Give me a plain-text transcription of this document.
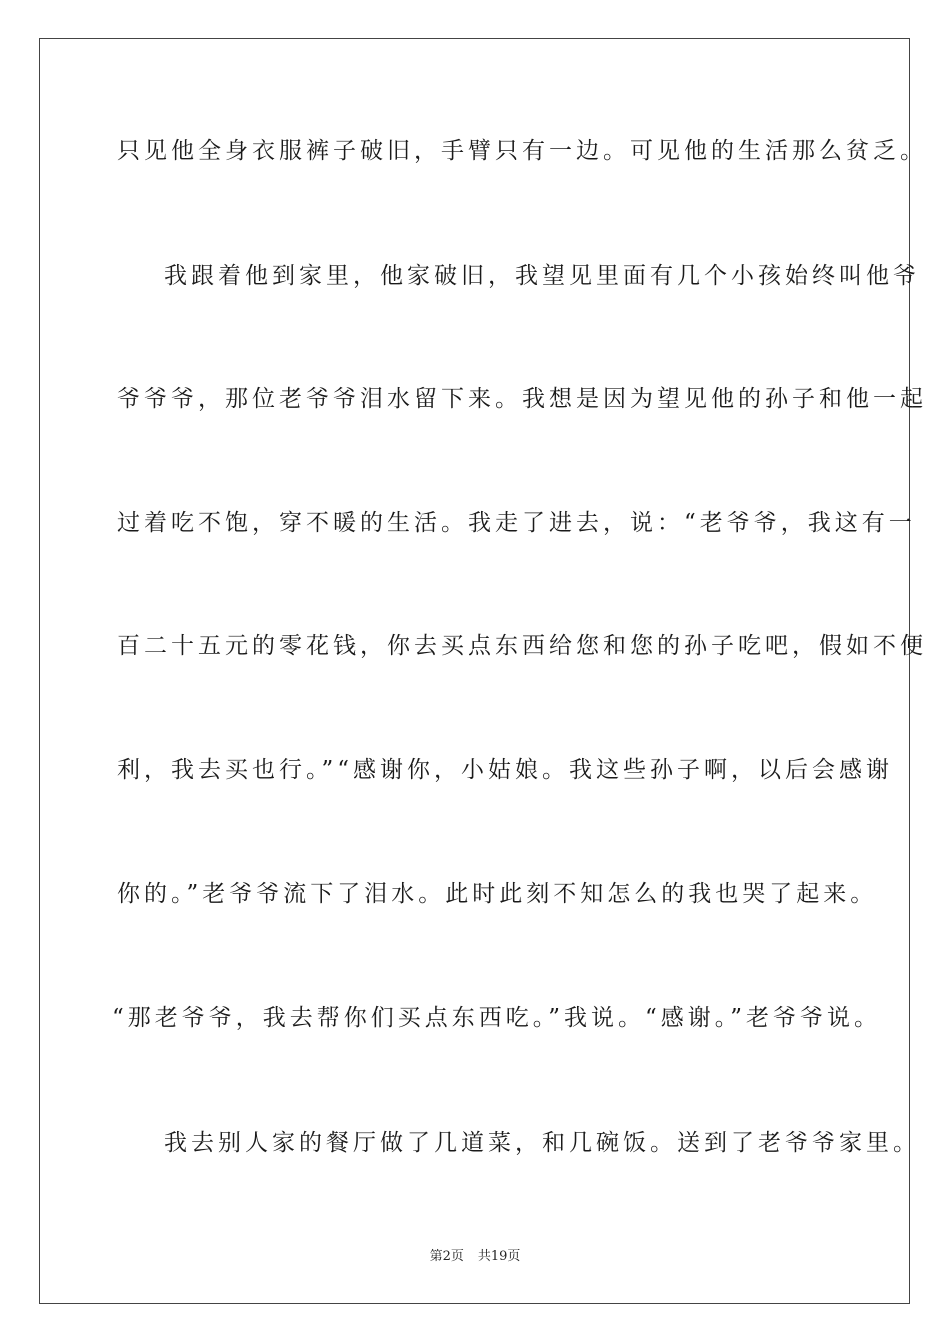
只见他全身衣服裤子破旧，手臂只有一边。可见他的生活那么贫乏。
我跟着他到家里，他家破旧，我望见里面有几个小孩始终叫他爷
爷爷爷，那位老爷爷泪水留下来。我想是因为望见他的孙子和他一起
过着吃不饱，穿不暖的生活。我走了进去，说：“老爷爷，我这有一
百二十五元的零花钱，你去买点东西给您和您的孙子吃吧，假如不便
利，我去买也行。”“感谢你，小姑娘。我这些孙子啊，以后会感谢
你的。”老爷爷流下了泪水。此时此刻不知怎么的我也哭了起来。
“那老爷爷，我去帮你们买点东西吃。”我说。“感谢。”老爷爷说。
我去别人家的餐厅做了几道菜，和几碗饭。送到了老爷爷家里。
第2页 共19页
